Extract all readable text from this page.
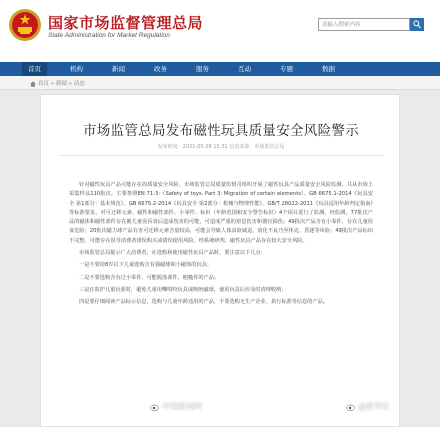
国家市场监督管理总局
State Administration for Market Regulation
请输入搜索内容
首页	机构	新闻	政务	服务	互动	专题	数据
首页 » 新闻 » 动态
市场监管总局发布磁性玩具质量安全风险警示
发布时间：2021-05-28 15:31 信息来源：市场监管总局

针对磁性玩具产品可能存在的质量安全风险，市场监管总局质量监督司组织开展了磁性玩具产品质量安全风险监测。共从市场上采集样品110批次。主要参照EN 71-3:（Safety of toys. Part 3: Migration of certain elements）、GB 6675.1-2014《玩具安全 第1部分：基本规范》、GB 6675.2-2014《玩具安全 第2部分：机械与物理性能》、GB/T 28022-2011《玩具适用年龄判定指南》等标准要求，对可迁移元素、磁性和磁性部件、小零件、标识（年龄范围和安全警告标识）4个项目进行了监测。经监测，77批次产品的磁体和磁性部件存在被儿童误吞食后造成伤害的可能，可造成严重的窒息伤害和器官损伤；49批次产品含有小零件，存在儿童误食危险；20批次磁力球产品有害可迁移元素含量较高，可能会导致人体食欲减退、消化不良乃至休克、昏迷等风险；49批次产品标识不完整，可能存在误导消费者错误购买或错误使用风险。经系统研判，磁性玩具产品存在较大安全风险。

市场监管总局提示广大消费者，在选购和使用磁性玩具产品时，要注意以下几点：

一是不要给8岁以下儿童选购含有强磁球和小磁体的玩具；

二是不要选购含有过小零件、可能脱落部件、粗糙件的产品；

三是在监护儿童玩耍时，避免儿童用嘴啃咬玩具或吸吮磁球，使用玩具后应及时清理收纳；

四是要仔细阅读产品标示信息，选购与儿童年龄适用的产品，不要选购无生产企业、执行标准等信息的产品。

中国新闻网	@新华社
